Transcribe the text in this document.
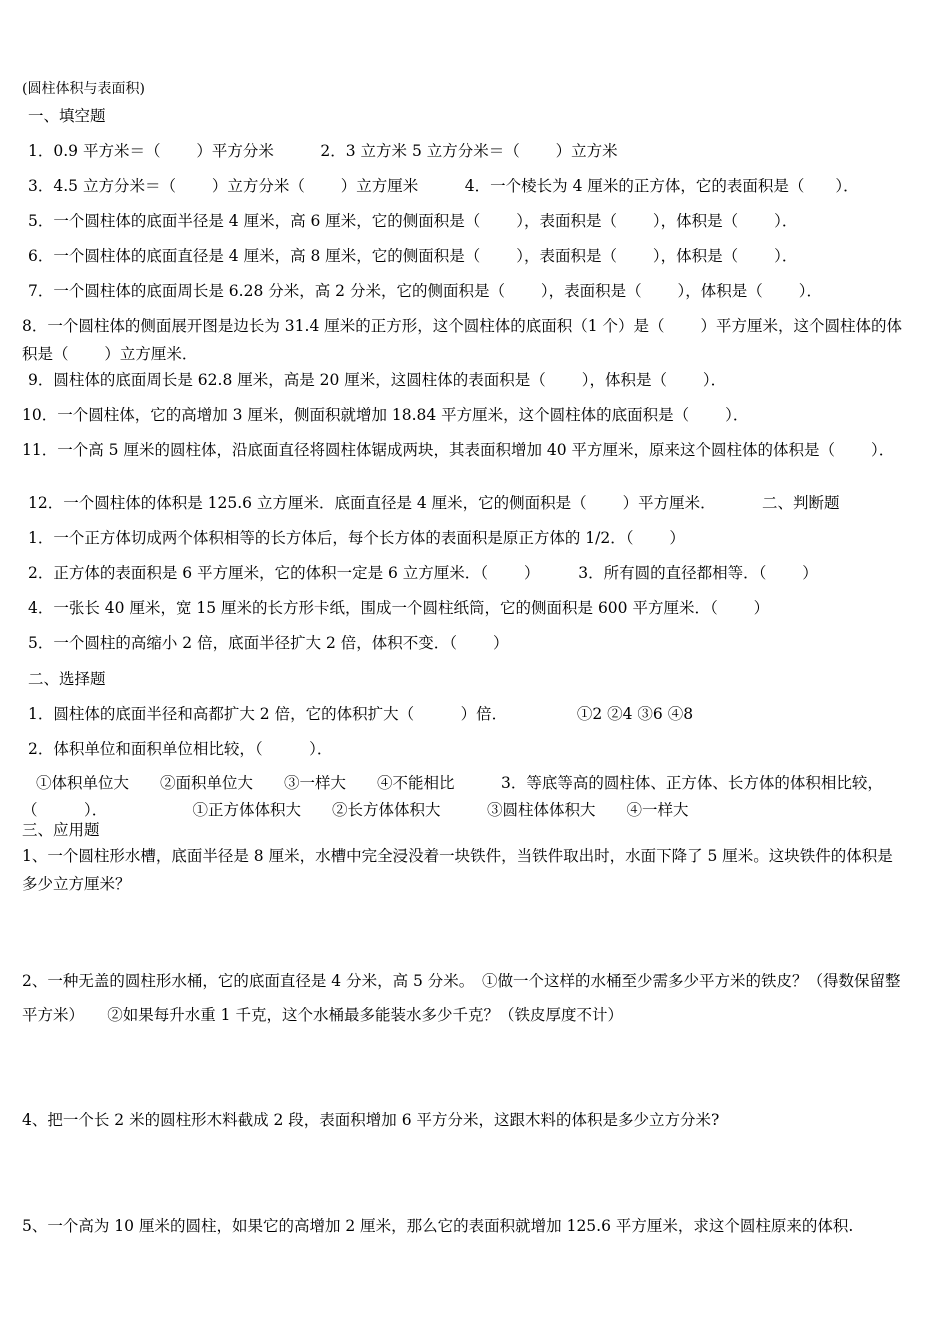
(圆柱体积与表面积)
一、填空题
1．0.9 平方米＝（　　 ）平方分米　　　2．3 立方米 5 立方分米＝（　　 ）立方米
3．4.5 立方分米＝（　　 ）立方分米（　　 ）立方厘米　　　4．一个棱长为 4 厘米的正方体，它的表面积是（　　）．
5．一个圆柱体的底面半径是 4 厘米，高 6 厘米，它的侧面积是（　　 ），表面积是（　　 ），体积是（　　 ）．
6．一个圆柱体的底面直径是 4 厘米，高 8 厘米，它的侧面积是（　　 ），表面积是（　　 ），体积是（　　 ）．
7．一个圆柱体的底面周长是 6.28 分米，高 2 分米，它的侧面积是（　　 ），表面积是（　　 ），体积是（　　 ）．
8．一个圆柱体的侧面展开图是边长为 31.4 厘米的正方形，这个圆柱体的底面积（1 个）是（　　 ）平方厘米，这个圆柱体的体积是（　　 ）立方厘米．
9．圆柱体的底面周长是 62.8 厘米，高是 20 厘米，这圆柱体的表面积是（　　 ），体积是（　　 ）．
10．一个圆柱体，它的高增加 3 厘米，侧面积就增加 18.84 平方厘米，这个圆柱体的底面积是（　　 ）．
11．一个高 5 厘米的圆柱体，沿底面直径将圆柱体锯成两块，其表面积增加 40 平方厘米，原来这个圆柱体的体积是（　　 ）．
12．一个圆柱体的体积是 125.6 立方厘米．底面直径是 4 厘米，它的侧面积是（　　 ）平方厘米．	二、判断题
1．一个正方体切成两个体积相等的长方体后，每个长方体的表面积是原正方体的 1/2．（　　 ）
2．正方体的表面积是 6 平方厘米，它的体积一定是 6 立方厘米．（　　 ）　　　3．所有圆的直径都相等．（　　 ）
4．一张长 40 厘米，宽 15 厘米的长方形卡纸，围成一个圆柱纸筒，它的侧面积是 600 平方厘米．（　　 ）
5．一个圆柱的高缩小 2 倍，底面半径扩大 2 倍，体积不变．（　　 ）
二、选择题
1．圆柱体的底面半径和高都扩大 2 倍，它的体积扩大（　　　）倍．　　　　　①2 ②4 ③6 ④8
2．体积单位和面积单位相比较，（　　　）．
①体积单位大　　②面积单位大　　③一样大　　④不能相比　　　3．等底等高的圆柱体、正方体、长方体的体积相比较，（　　　）．　　　　　　①正方体体积大　　②长方体体积大　　　③圆柱体体积大　　④一样大
三、应用题
1、一个圆柱形水槽，底面半径是 8 厘米，水槽中完全浸没着一块铁件，当铁件取出时，水面下降了 5 厘米。这块铁件的体积是多少立方厘米？
2、一种无盖的圆柱形水桶，它的底面直径是 4 分米，高 5 分米。　①做一个这样的水桶至少需多少平方米的铁皮？（得数保留整平方米）　　②如果每升水重 1 千克，这个水桶最多能装水多少千克？（铁皮厚度不计）
4、把一个长 2 米的圆柱形木料截成 2 段，表面积增加 6 平方分米，这跟木料的体积是多少立方分米?
5、一个高为 10 厘米的圆柱，如果它的高增加 2 厘米，那么它的表面积就增加 125.6 平方厘米，求这个圆柱原来的体积.
